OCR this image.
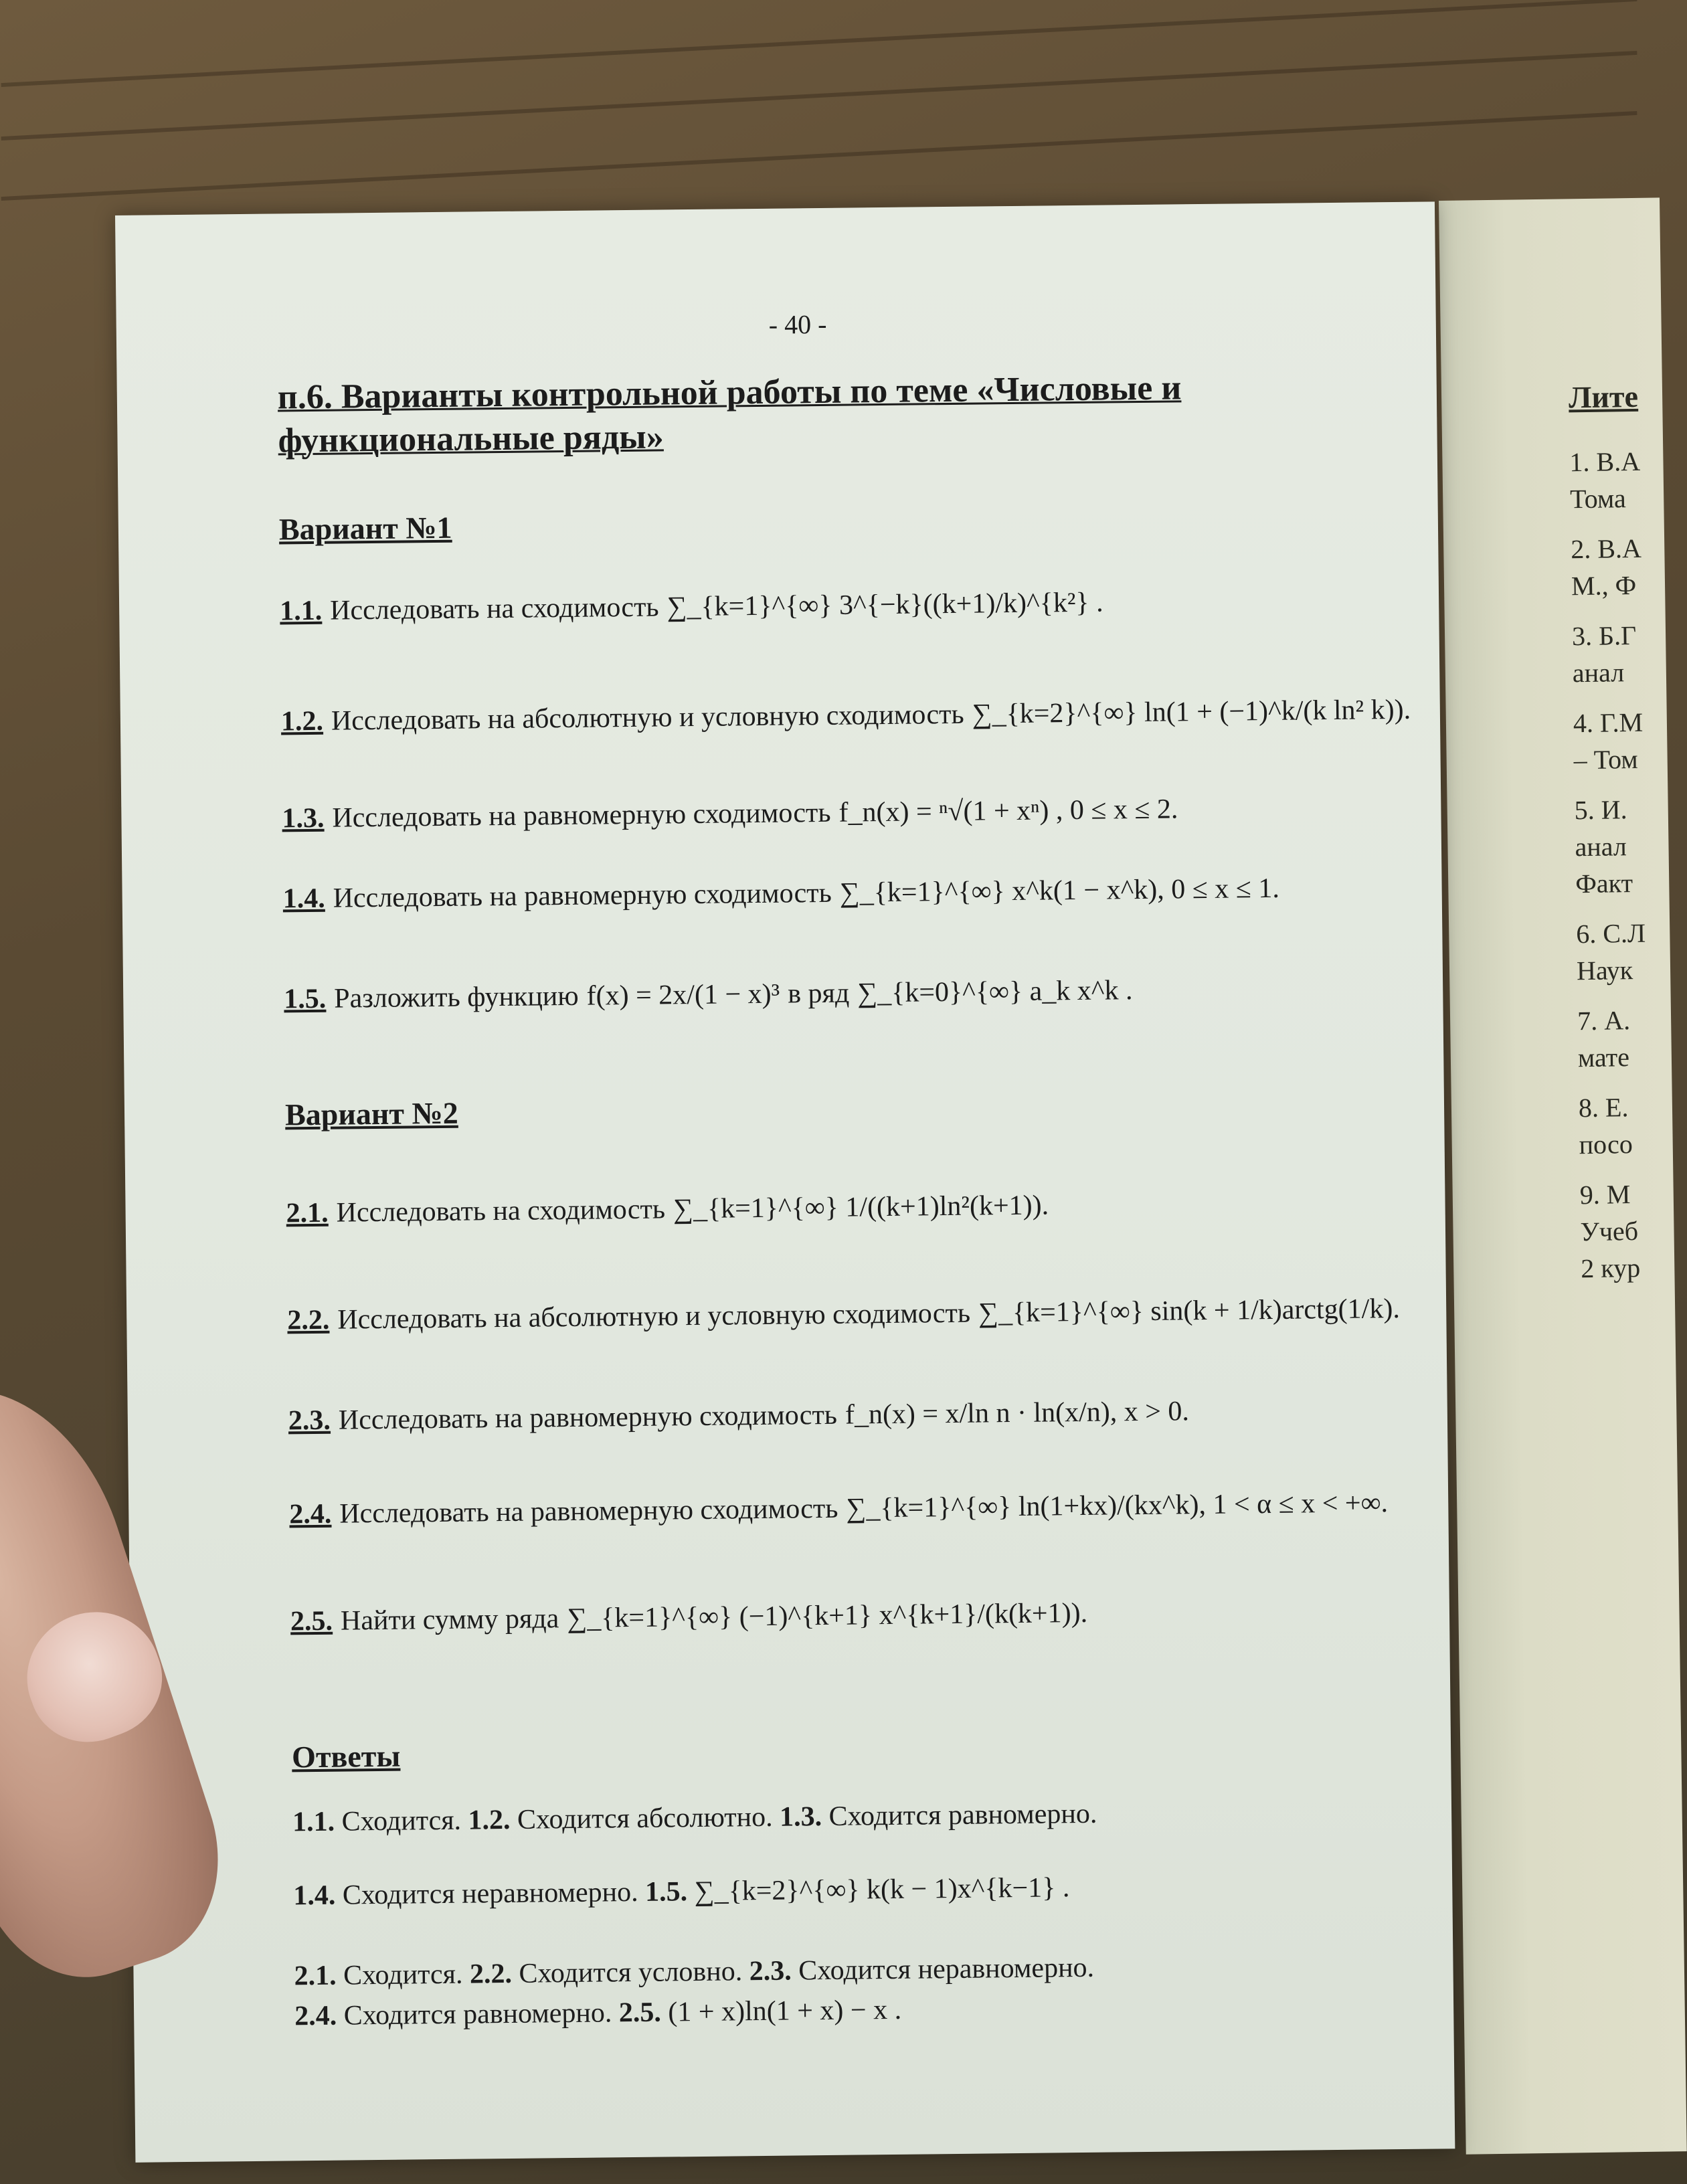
Лите
1. В.А
Тома
2. В.А
М., Ф
3. Б.Г
анал
4. Г.М
– Том
5. И.
анал
Факт
6. С.Л
Наук
7. А.
мате
8. Е.
посо
9. М
Учеб
2 кур
- 40 -
п.6. Варианты контрольной работы по теме «Числовые и
функциональные ряды»
Вариант №1
1.1. Исследовать на сходимость ∑_{k=1}^{∞} 3^{−k}((k+1)/k)^{k²} .
1.2. Исследовать на абсолютную и условную сходимость ∑_{k=2}^{∞} ln(1 + (−1)^k/(k ln² k)).
1.3. Исследовать на равномерную сходимость f_n(x) = ⁿ√(1 + xⁿ) , 0 ≤ x ≤ 2.
1.4. Исследовать на равномерную сходимость ∑_{k=1}^{∞} x^k(1 − x^k), 0 ≤ x ≤ 1.
1.5. Разложить функцию f(x) = 2x/(1 − x)³ в ряд ∑_{k=0}^{∞} a_k x^k .
Вариант №2
2.1. Исследовать на сходимость ∑_{k=1}^{∞} 1/((k+1)ln²(k+1)).
2.2. Исследовать на абсолютную и условную сходимость ∑_{k=1}^{∞} sin(k + 1/k)arctg(1/k).
2.3. Исследовать на равномерную сходимость f_n(x) = x/ln n · ln(x/n), x > 0.
2.4. Исследовать на равномерную сходимость ∑_{k=1}^{∞} ln(1+kx)/(kx^k), 1 < α ≤ x < +∞.
2.5. Найти сумму ряда ∑_{k=1}^{∞} (−1)^{k+1} x^{k+1}/(k(k+1)).
Ответы
1.1. Сходится. 1.2. Сходится абсолютно. 1.3. Сходится равномерно.
1.4. Сходится неравномерно. 1.5. ∑_{k=2}^{∞} k(k − 1)x^{k−1} .
2.1. Сходится. 2.2. Сходится условно. 2.3. Сходится неравномерно.
2.4. Сходится равномерно. 2.5. (1 + x)ln(1 + x) − x .
